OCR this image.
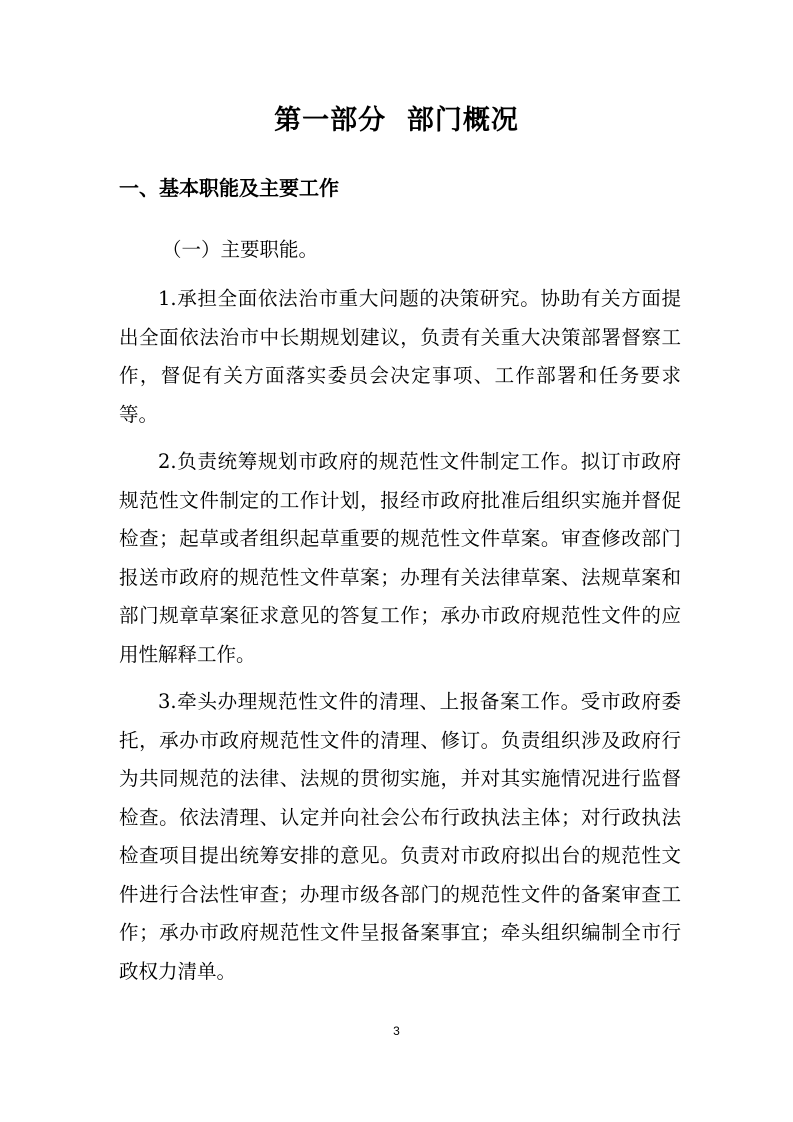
第一部分  部门概况
一、基本职能及主要工作
（一）主要职能。

1.承担全面依法治市重大问题的决策研究。协助有关方面提出全面依法治市中长期规划建议，负责有关重大决策部署督察工作，督促有关方面落实委员会决定事项、工作部署和任务要求等。

2.负责统筹规划市政府的规范性文件制定工作。拟订市政府规范性文件制定的工作计划，报经市政府批准后组织实施并督促检查；起草或者组织起草重要的规范性文件草案。审查修改部门报送市政府的规范性文件草案；办理有关法律草案、法规草案和部门规章草案征求意见的答复工作；承办市政府规范性文件的应用性解释工作。

3.牵头办理规范性文件的清理、上报备案工作。受市政府委托，承办市政府规范性文件的清理、修订。负责组织涉及政府行为共同规范的法律、法规的贯彻实施，并对其实施情况进行监督检查。依法清理、认定并向社会公布行政执法主体；对行政执法检查项目提出统筹安排的意见。负责对市政府拟出台的规范性文件进行合法性审查；办理市级各部门的规范性文件的备案审查工作；承办市政府规范性文件呈报备案事宜；牵头组织编制全市行政权力清单。

3
